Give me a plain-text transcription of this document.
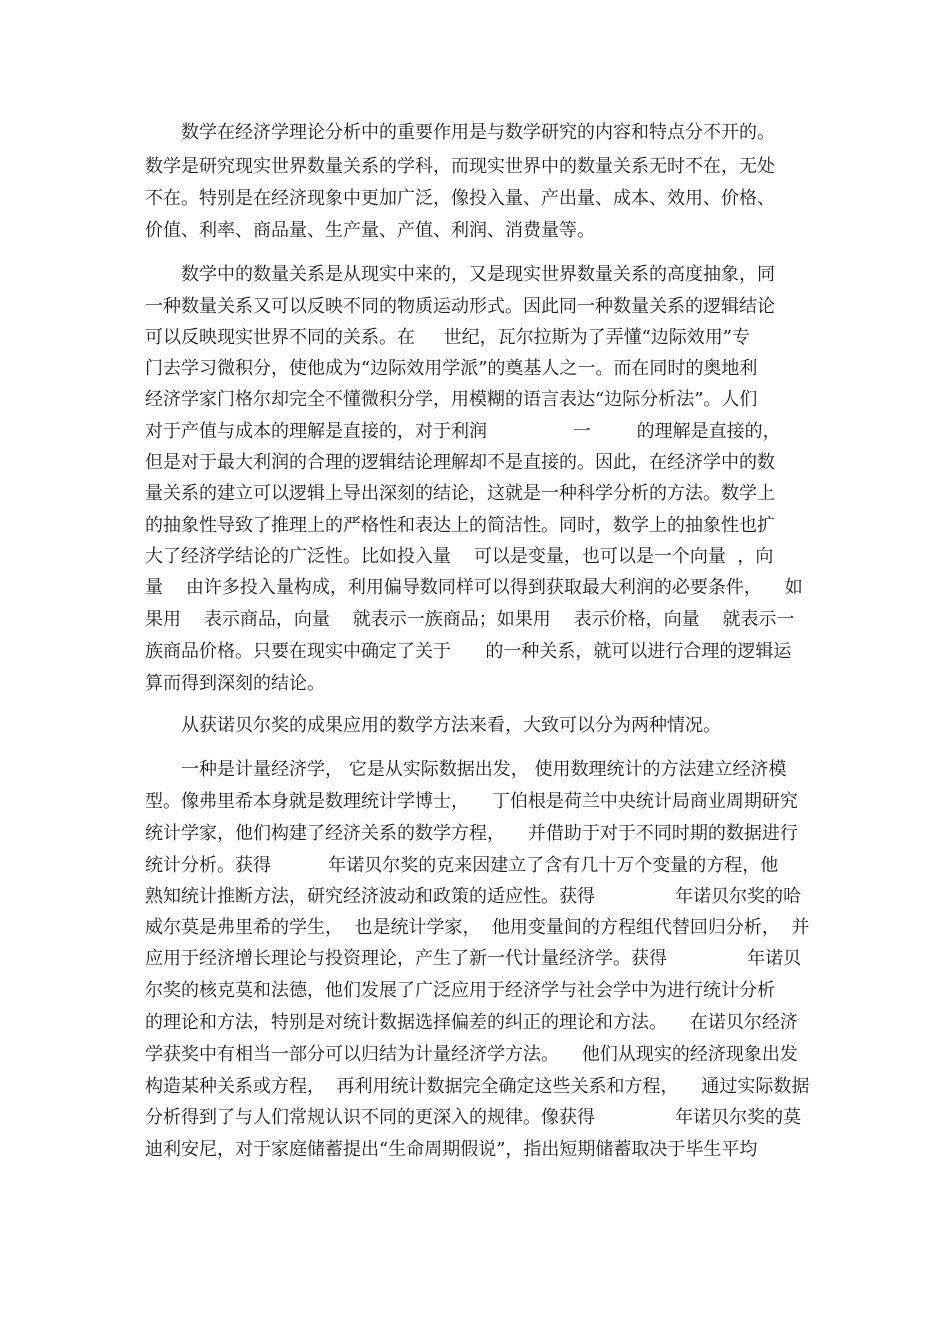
数学在经济学理论分析中的重要作用是与数学研究的内容和特点分不开的。
数学是研究现实世界数量关系的学科，而现实世界中的数量关系无时不在，无处
不在。特别是在经济现象中更加广泛，像投入量、产出量、成本、效用、价格、
价值、利率、商品量、生产量、产值、利润、消费量等。
数学中的数量关系是从现实中来的，又是现实世界数量关系的高度抽象，同
一种数量关系又可以反映不同的物质运动形式。因此同一种数量关系的逻辑结论
可以反映现实世界不同的关系。在     世纪，瓦尔拉斯为了弄懂“边际效用”专
门去学习微积分，使他成为“边际效用学派”的奠基人之一。而在同时的奥地利
经济学家门格尔却完全不懂微积分学，用模糊的语言表达“边际分析法”。人们
对于产值与成本的理解是直接的，对于利润               一        的理解是直接的，
但是对于最大利润的合理的逻辑结论理解却不是直接的。因此，在经济学中的数
量关系的建立可以逻辑上导出深刻的结论，这就是一种科学分析的方法。数学上
的抽象性导致了推理上的严格性和表达上的简洁性。同时，数学上的抽象性也扩
大了经济学结论的广泛性。比如投入量    可以是变量，也可以是一个向量  ，向
量    由许多投入量构成，利用偏导数同样可以得到获取最大利润的必要条件，    如
果用    表示商品，向量    就表示一族商品；如果用    表示价格，向量    就表示一
族商品价格。只要在现实中确定了关于      的一种关系，就可以进行合理的逻辑运
算而得到深刻的结论。
从获诺贝尔奖的成果应用的数学方法来看，大致可以分为两种情况。
一种是计量经济学， 它是从实际数据出发， 使用数理统计的方法建立经济模
型。像弗里希本身就是数理统计学博士，    丁伯根是荷兰中央统计局商业周期研究
统计学家，他们构建了经济关系的数学方程，    并借助于对于不同时期的数据进行
统计分析。获得          年诺贝尔奖的克来因建立了含有几十万个变量的方程，他
熟知统计推断方法，研究经济波动和政策的适应性。获得              年诺贝尔奖的哈
威尔莫是弗里希的学生，  也是统计学家，  他用变量间的方程组代替回归分析，  并
应用于经济增长理论与投资理论，产生了新一代计量经济学。获得              年诺贝
尔奖的核克莫和法德，他们发展了广泛应用于经济学与社会学中为进行统计分析
的理论和方法，特别是对统计数据选择偏差的纠正的理论和方法。    在诺贝尔经济
学获奖中有相当一部分可以归结为计量经济学方法。    他们从现实的经济现象出发
构造某种关系或方程，  再利用统计数据完全确定这些关系和方程，    通过实际数据
分析得到了与人们常规认识不同的更深入的规律。像获得              年诺贝尔奖的莫
迪利安尼，对于家庭储蓄提出“生命周期假说”，指出短期储蓄取决于毕生平均
